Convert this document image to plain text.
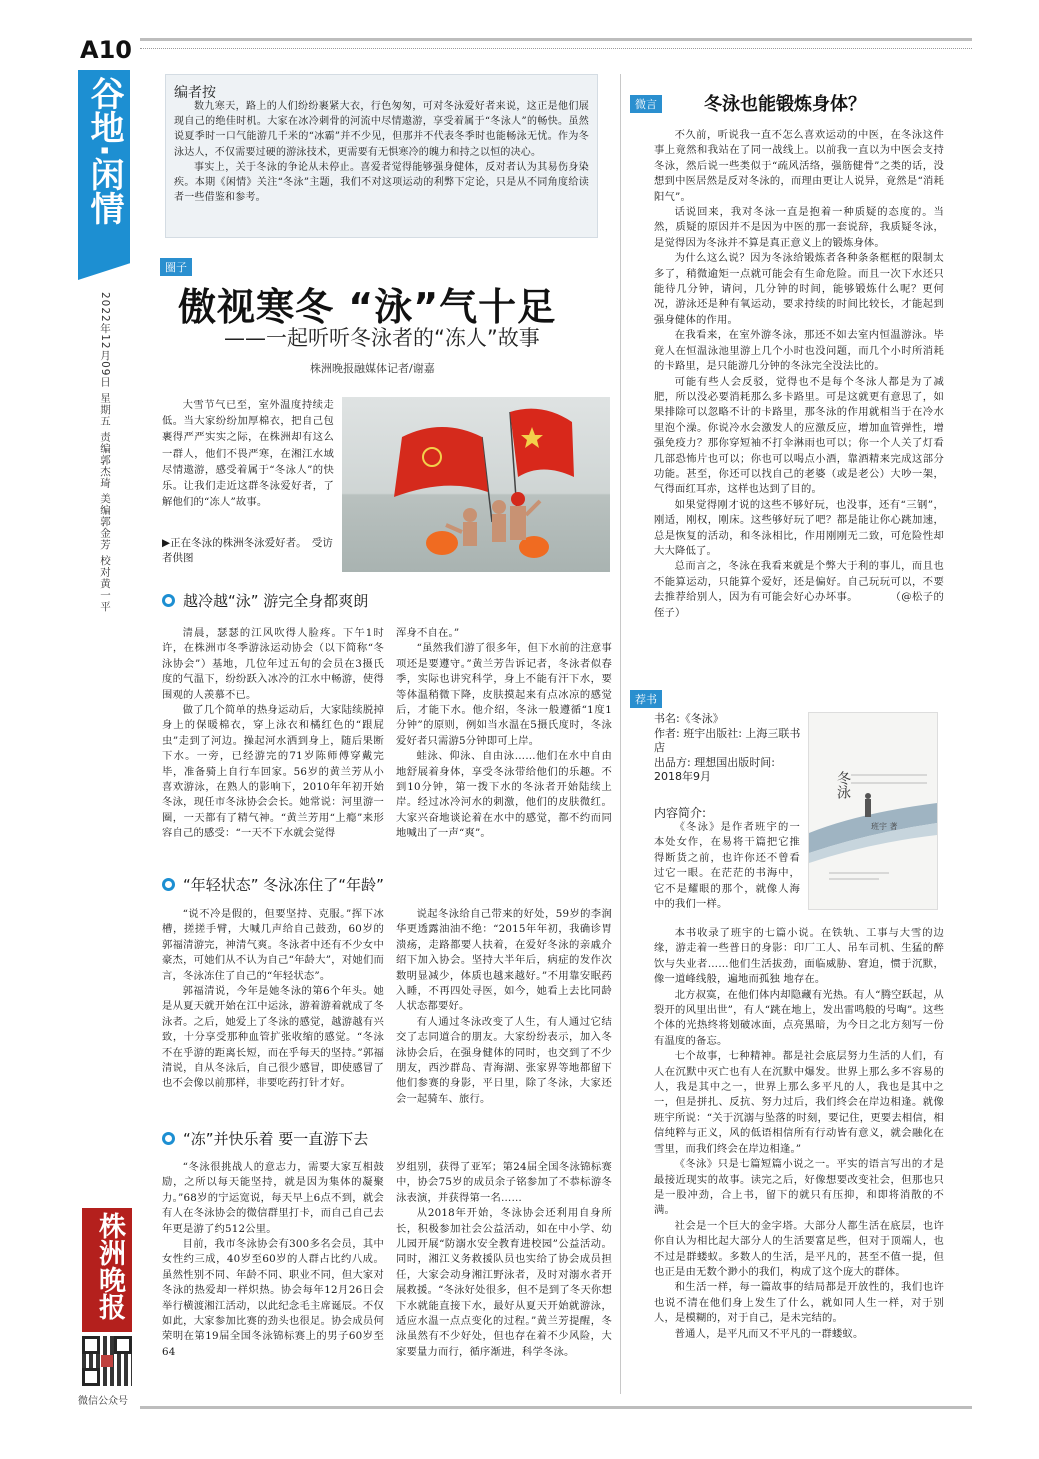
A10
谷地·闲情
2022年12月09日 星期五 责编郭杰琦 美编郭金芳 校对黄一平
株洲晚报
微信公众号
编者按

数九寒天，路上的人们纷纷裹紧大衣，行色匆匆，可对冬泳爱好者来说，这正是他们展现自己的绝佳时机。大家在冰冷刺骨的河流中尽情遨游，享受着属于“冬泳人”的畅快。虽然说夏季时一口气能游几千米的“冰霸”并不少见，但那并不代表冬季时也能畅泳无忧。作为冬泳达人，不仅需要过硬的游泳技术，更需要有无惧寒冷的魄力和持之以恒的决心。

事实上，关于冬泳的争论从未停止。喜爱者觉得能够强身健体，反对者认为其易伤身染疾。本期《闲情》关注“冬泳”主题，我们不对这项运动的利弊下定论，只是从不同角度给读者一些借鉴和参考。

圈子
傲视寒冬 “泳”气十足
——一起听听冬泳者的“冻人”故事
株洲晚报融媒体记者/谢嘉

大雪节气已至，室外温度持续走低。当大家纷纷加厚棉衣，把自己包裹得严严实实之际，在株洲却有这么一群人，他们不畏严寒，在湘江水域尽情遨游，感受着属于“冬泳人”的快乐。让我们走近这群冬泳爱好者，了解他们的“冻人”故事。

▶正在冬泳的株洲冬泳爱好者。　受访者供图
越冷越“泳” 游完全身都爽朗

清晨，瑟瑟的江风吹得人脸疼。下午1时许，在株洲市冬季游泳运动协会（以下简称“冬泳协会”）基地，几位年过五旬的会员在3摄氏度的气温下，纷纷跃入冰冷的江水中畅游，使得围观的人羡慕不已。

做了几个简单的热身运动后，大家陆续脱掉身上的保暖棉衣，穿上泳衣和橘红色的“跟屁虫”走到了河边。操起河水洒到身上，随后果断下水。一旁，已经游完的71岁陈师傅穿戴完毕，准备骑上自行车回家。56岁的黄兰芳从小喜欢游泳，在熟人的影响下，2010年年初开始冬泳，现任市冬泳协会会长。她常说：河里游一圈，一天都有了精气神。“黄兰芳用“上瘾”来形容自己的感受：“一天不下水就会觉得

浑身不自在。”

“虽然我们游了很多年，但下水前的注意事项还是要遵守。”黄兰芳告诉记者，冬泳者似春季，实际也讲究科学，身上不能有汗下水，要等体温稍微下降，皮肤摸起来有点冰凉的感觉后，才能下水。他介绍，冬泳一般遵循“1度1分钟”的原则，例如当水温在5摄氏度时，冬泳爱好者只需游5分钟即可上岸。

蛙泳、仰泳、自由泳……他们在水中自由地舒展着身体，享受冬泳带给他们的乐趣。不到10分钟，第一拨下水的冬泳者开始陆续上岸。经过冰冷河水的刺激，他们的皮肤微红。大家兴奋地谈论着在水中的感觉，都不约而同地喊出了一声“爽”。

“年轻状态” 冬泳冻住了“年龄”

“说不冷是假的，但要坚持、克服。”挥下冰槽，搓搓手臂，大喊几声给自己鼓劲，60岁的郭福清游完，神清气爽。冬泳者中还有不少女中豪杰，可她们从不认为自己“年龄大”，对她们而言，冬泳冻住了自己的“年轻状态”。

郭福清说，今年是她冬泳的第6个年头。她是从夏天就开始在江中运泳，游着游着就成了冬泳者。之后，她爱上了冬泳的感觉，越游越有兴致，十分享受那种血管扩张收缩的感觉。“冬泳不在乎游的距离长短，而在乎每天的坚持。”郭福清说，自从冬泳后，自己很少感冒，即使感冒了也不会像以前那样，非要吃药打针才好。

说起冬泳给自己带来的好处，59岁的李润华更透露油油不绝：“2015年年初，我确诊胃溃疡，走路都要人扶着，在爱好冬泳的亲戚介绍下加入协会。坚持大半年后，病症的发作次数明显减少，体质也越来越好。”不用靠安眠药入睡，不再四处寻医，如今，她看上去比同龄人状态都要好。

有人通过冬泳改变了人生，有人通过它结交了志同道合的朋友。大家纷纷表示，加入冬泳协会后，在强身健体的同时，也交到了不少朋友，西沙群岛、青海湖、张家界等地都留下他们参赛的身影，平日里，除了冬泳，大家还会一起骑车、旅行。

“冻”并快乐着 要一直游下去

“冬泳很挑战人的意志力，需要大家互相鼓励，之所以每天能坚持，就是因为集体的凝聚力。”68岁的宁运宽说，每天早上6点不到，就会有人在冬泳协会的微信群里打卡，而自己自己去年更是游了约512公里。

目前，我市冬泳协会有300多名会员，其中女性约三成，40岁至60岁的人群占比约八成。虽然性别不同、年龄不同、职业不同，但大家对冬泳的热爱却一样炽热。协会每年12月26日会举行横渡湘江活动，以此纪念毛主席诞辰。不仅如此，大家参加比赛的劲头也很足。协会成员何荣明在第19届全国冬泳锦标赛上的男子60岁至64

岁组别，获得了亚军；第24届全国冬泳锦标赛中，协会75岁的成员余子铭参加了不恭标游冬泳表演，并获得第一名……

从2018年开始，冬泳协会还利用自身所长，积极参加社会公益活动，如在中小学、幼儿园开展“防溺水安全教育进校园”公益活动。同时，湘江义务救援队员也实给了协会成员担任，大家会动身湘江野泳者，及时对溺水者开展救援。“冬泳好处很多，但不是到了冬天你想下水就能直接下水，最好从夏天开始就游泳，适应水温一点点变化的过程。”黄兰芳提醒，冬泳虽然有不少好处，但也存在着不少风险，大家要量力而行，循序渐进，科学冬泳。

微言	冬泳也能锻炼身体？

不久前，听说我一直不怎么喜欢运动的中医，在冬泳这件事上竟然和我站在了同一战线上。以前我一直以为中医会支持冬泳，然后说一些类似于“疏风活络，强筋健骨”之类的话，没想到中医居然是反对冬泳的，而理由更让人说异，竟然是“消耗阳气”。

话说回来，我对冬泳一直是抱着一种质疑的态度的。当然，质疑的原因并不是因为中医的那一套说辞，我质疑冬泳，是觉得因为冬泳并不算是真正意义上的锻炼身体。

为什么这么说？因为冬泳给锻炼者各种条条框框的限制太多了，稍微逾矩一点就可能会有生命危险。而且一次下水还只能待几分钟，请问，几分钟的时间，能够锻炼什么呢？更何况，游泳还是种有氧运动，要求持续的时间比较长，才能起到强身健体的作用。

在我看来，在室外游冬泳，那还不如去室内恒温游泳。毕竟人在恒温泳池里游上几个小时也没问题，而几个小时所消耗的卡路里，是只能游几分钟的冬泳完全没法比的。

可能有些人会反驳，觉得也不是每个冬泳人都是为了减肥，所以没必要消耗那么多卡路里。可是这就更有意思了，如果排除可以忽略不计的卡路里，那冬泳的作用就相当于在冷水里泡个澡。你说冷水会激发人的应激反应，增加血管弹性，增强免疫力？那你穿短袖不打伞淋雨也可以；你一个人关了灯看几部恐怖片也可以；你也可以喝点小酒，靠酒精来完成这部分功能。甚至，你还可以找自己的老婆（或是老公）大吵一架，气得面红耳赤，这样也达到了目的。

如果觉得刚才说的这些不够好玩，也没事，还有“三钢”，刚适，刚权，刚床。这些够好玩了吧？都是能让你心跳加速，总是恢复的活动，和冬泳相比，作用刚刚无二致，可危险性却大大降低了。

总而言之，冬泳在我看来就是个弊大于利的事儿，而且也不能算运动，只能算个爱好，还是偏好。自己玩玩可以，不要去推荐给别人，因为有可能会好心办坏事。　　　　（@松子的侄子）

荐书
书名:《冬泳》
作者: 班宇出版社: 上海三联书店
出品方: 理想国出版时间: 2018年9月
内容简介:

《冬泳》是作者班宇的一本处女作，在易将干篇把它推得断货之前，也许你还不曾看过它一眼。在茫茫的书海中，它不是耀眼的那个，就像人海中的我们一样。

冬泳
班宇 著

本书收录了班宇的七篇小说。在铁轨、工事与大雪的边缘，游走着一些普日的身影：印厂工人、吊车司机、生猛的醉饮与失业者……他们生活拔劲，面临威胁、窘迫，惯于沉默，像一道峰线般，遍地而孤独 地存在。

北方叔寞，在他们体内却隐藏有光热。有人“腾空跃起，从裂开的风里出世”，有人“跳在地上，发出雷鸣般的号啕”。这些个体的光热终将划破冰面，点亮黑暗，为今日之北方刻写一份有温度的备忘。

七个故事，七种精神。都是社会底层努力生活的人们，有人在沉默中灭亡也有人在沉默中爆发。世界上那么多不容易的人，我是其中之一，世界上那么多平凡的人，我也是其中之一，但是拼扎、反抗、努力过后，我们终会在岸边相逢。就像班宇所说：“关于沉溺与坠落的时刻，要记住，更要去相信，相信纯粹与正义，风的低语相信所有行动皆有意义，就会融化在雪里，而我们终会在岸边相逢。”

《冬泳》只是七篇短篇小说之一。平实的语言写出的才是最接近现实的故事。读完之后，好像想要改变社会，但那也只是一股冲劲，合上书，留下的就只有压抑，和即将消散的不满。

社会是一个巨大的金字塔。大部分人都生活在底层，也许你自认为相比起大部分人的生活要富足些，但对于顶端人，也不过是群蝼蚁。多数人的生活，是平凡的，甚至不值一提，但也正是由无数个渺小的我们，构成了这个庞大的群体。

和生活一样，每一篇故事的结局都是开放性的，我们也许也说不清在他们身上发生了什么，就如同人生一样，对于别人，是模糊的，对于自己，是未完结的。

普通人，是平凡而又不平凡的一群蝼蚁。
